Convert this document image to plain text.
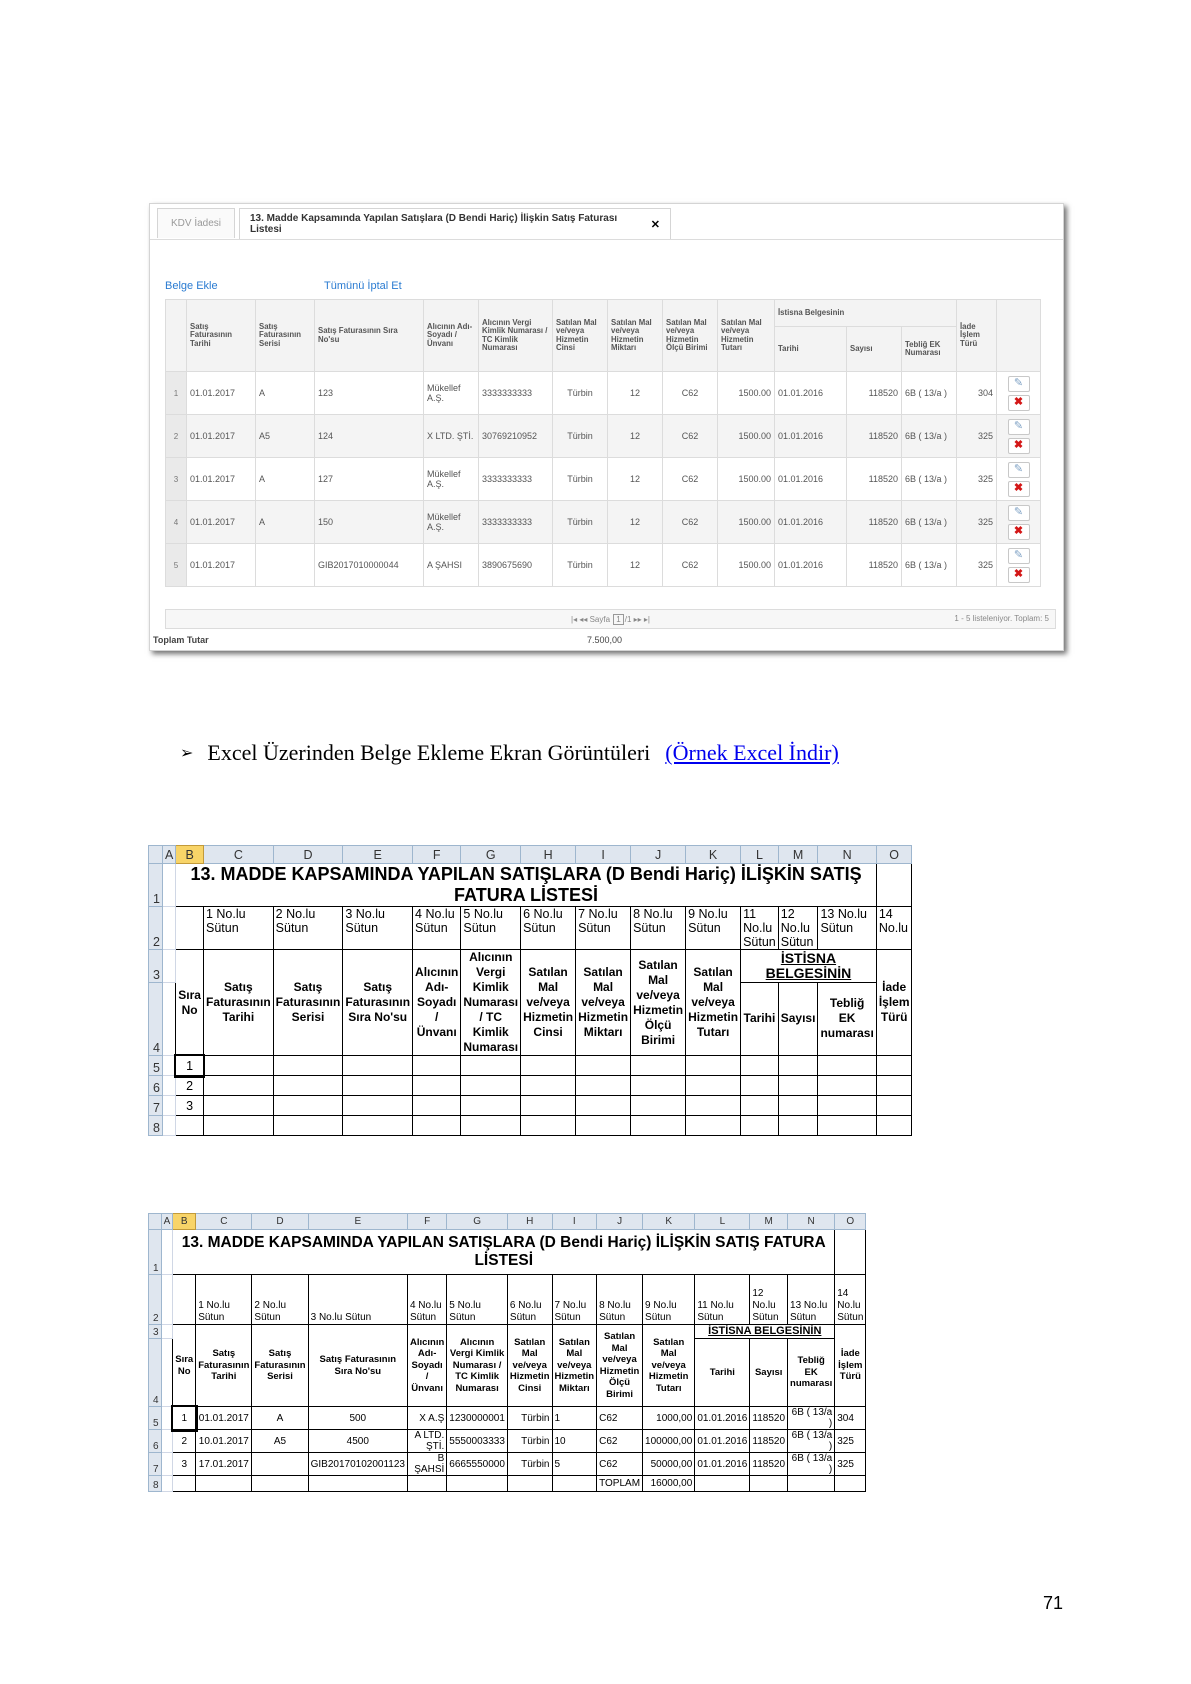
KDV İadesi	13. Madde Kapsamında Yapılan Satışlara (D Bendi Hariç) İlişkin Satış Faturası Listesi	✕
Belge Ekle	Tümünü İptal Et
	Satış Faturasının Tarihi	Satış Faturasının Serisi	Satış Faturasının Sıra No'su	Alıcının Adı-Soyadı / Ünvanı	Alıcının Vergi Kimlik Numarası / TC Kimlik Numarası	Satılan Mal ve/veya Hizmetin Cinsi	Satılan Mal ve/veya Hizmetin Miktarı	Satılan Mal ve/veya Hizmetin Ölçü Birimi	Satılan Mal ve/veya Hizmetin Tutarı	İstisna Belgesinin			İade İşlem Türü	
										Tarihi	Sayısı	Tebliğ EK Numarası		
1	01.01.2017	A	123	Mükellef A.Ş.	3333333333	Türbin	12	C62	1500.00	01.01.2016	118520	6B ( 13/a )	304	✎
✖

2	01.01.2017	A5	124	X LTD. ŞTİ.	30769210952	Türbin	12	C62	1500.00	01.01.2016	118520	6B ( 13/a )	325	✎
✖

3	01.01.2017	A	127	Mükellef A.Ş.	3333333333	Türbin	12	C62	1500.00	01.01.2016	118520	6B ( 13/a )	325	✎
✖

4	01.01.2017	A	150	Mükellef A.Ş.	3333333333	Türbin	12	C62	1500.00	01.01.2016	118520	6B ( 13/a )	325	✎
✖

5	01.01.2017		GIB2017010000044	A ŞAHSI	3890675690	Türbin	12	C62	1500.00	01.01.2016	118520	6B ( 13/a )	325	✎
✖
|◂ ◂◂ Sayfa 1 /1 ▸▸ ▸|	1 - 5 listeleniyor. Toplam: 5
Toplam Tutar	7.500,00
➢ Excel Üzerinden Belge Ekleme Ekran Görüntüleri (Örnek Excel İndir)
	A	B	C	D	E	F	G	H	I	J	K	L	M	N	O
1		13. MADDE KAPSAMINDA YAPILAN SATIŞLARA (D Bendi Hariç) İLİŞKİN SATIŞ FATURA LİSTESİ													
2			1 No.lu Sütun	2 No.lu Sütun	3 No.lu Sütun	4 No.lu Sütun	5 No.lu Sütun	6 No.lu Sütun	7 No.lu Sütun	8 No.lu Sütun	9 No.lu Sütun	11 No.lu Sütun	12 No.lu Sütun	13 No.lu Sütun	14 No.lu
3		Sıra No	Satış Faturasının Tarihi	Satış Faturasının Serisi	Satış Faturasının Sıra No'su	Alıcının Adı-Soyadı / Ünvanı	Alıcının Vergi Kimlik Numarası / TC Kimlik Numarası	Satılan Mal ve/veya Hizmetin Cinsi	Satılan Mal ve/veya Hizmetin Miktarı	Satılan Mal ve/veya Hizmetin Ölçü Birimi	Satılan Mal ve/veya Hizmetin Tutarı	İSTİSNA BELGESİNİN			İade İşlem Türü
4												Tarihi	Sayısı	Tebliğ EK numarası	
5		1													
6		2													
7		3													
8															
	A	B	C	D	E	F	G	H	I	J	K	L	M	N	O
1		13. MADDE KAPSAMINDA YAPILAN SATIŞLARA (D Bendi Hariç) İLİŞKİN SATIŞ FATURA LİSTESİ													
2			1 No.lu Sütun	2 No.lu Sütun	3 No.lu Sütun	4 No.lu Sütun	5 No.lu Sütun	6 No.lu Sütun	7 No.lu Sütun	8 No.lu Sütun	9 No.lu Sütun	11 No.lu Sütun	12 No.lu Sütun	13 No.lu Sütun	14 No.lu Sütun
3		Sıra No	Satış Faturasının Tarihi	Satış Faturasının Serisi	Satış Faturasının Sıra No'su	Alıcının Adı-Soyadı / Ünvanı	Alıcının Vergi Kimlik Numarası / TC Kimlik Numarası	Satılan Mal ve/veya Hizmetin Cinsi	Satılan Mal ve/veya Hizmetin Miktarı	Satılan Mal ve/veya Hizmetin Ölçü Birimi	Satılan Mal ve/veya Hizmetin Tutarı	İSTİSNA BELGESİNİN			İade İşlem Türü
4												Tarihi	Sayısı	Tebliğ EK numarası	
5		1	01.01.2017	A	500	X A.Ş	1230000001	Türbin	1	C62	1000,00	01.01.2016	118520	6B ( 13/a )	304
6		2	10.01.2017	A5	4500	A LTD. ŞTİ.	5550003333	Türbin	10	C62	100000,00	01.01.2016	118520	6B ( 13/a )	325
7		3	17.01.2017		GIB20170102001123	B ŞAHSİ	6665550000	Türbin	5	C62	50000,00	01.01.2016	118520	6B ( 13/a )	325
8										TOPLAM	16000,00				
71
